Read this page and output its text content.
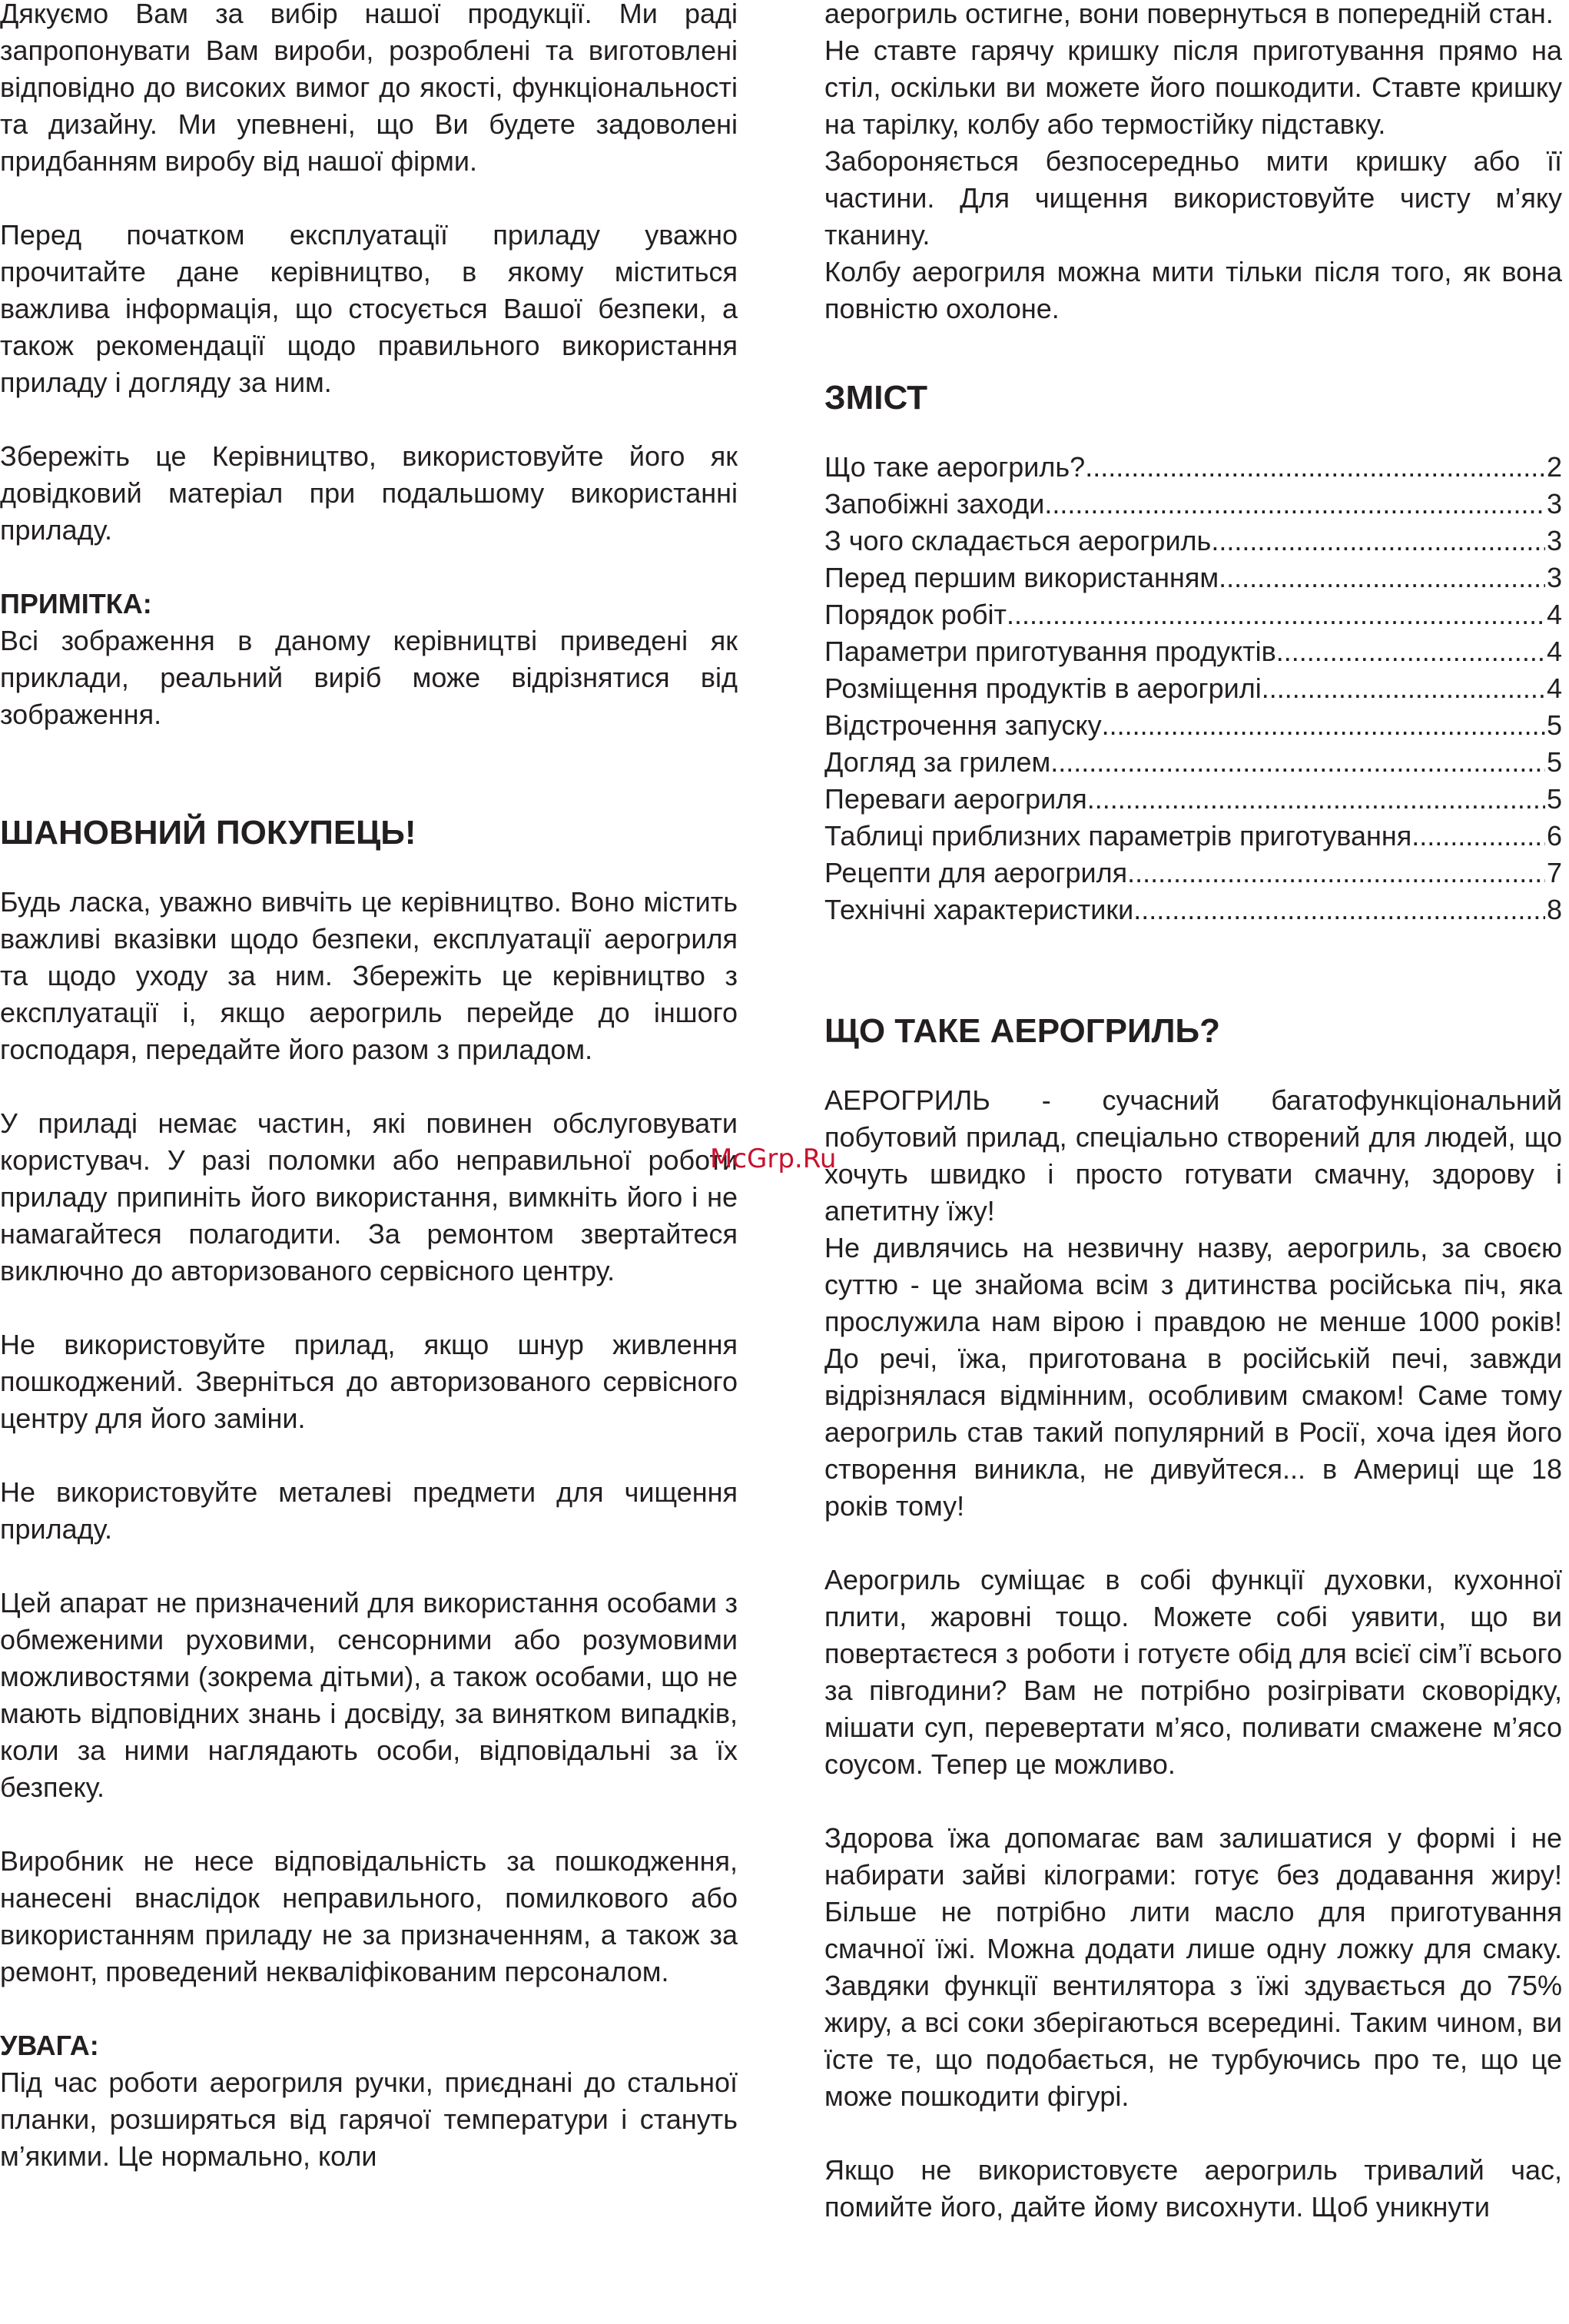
Дякуємо Вам за вибір нашої продукції. Ми раді запропонувати Вам вироби, розроблені та виготовлені відповідно до високих вимог до якості, функціональності та дизайну. Ми упевнені, що Ви будете задоволені придбанням виробу від нашої фірми.

Перед початком експлуатації приладу уважно прочитайте дане керівництво, в якому міститься важлива інформація, що стосується Вашої безпеки, а також рекомендації щодо правильного використання приладу і догляду за ним.

Збережіть це Керівництво, використовуйте його як довідковий матеріал при подальшому використанні приладу.

ПРИМІТКА:

Всі зображення в даному керівництві приведені як приклади, реальний виріб може відрізнятися від зображення.

ШАНОВНИЙ ПОКУПЕЦЬ!

Будь ласка, уважно вивчіть це керівництво. Воно містить важливі вказівки щодо безпеки, експлуатації аерогриля та щодо уходу за ним. Збережіть це керівництво з експлуатації і, якщо аерогриль перейде до іншого господаря, передайте його разом з приладом.

У приладі немає частин, які повинен обслуговувати користувач. У разі поломки або неправильної роботи приладу припиніть його використання, вимкніть його і не намагайтеся полагодити. За ремонтом звертайтеся виключно до авторизованого сервісного центру.

Не використовуйте прилад, якщо шнур живлення пошкоджений. Зверніться до авторизованого сервісного центру для його заміни.

Не використовуйте металеві предмети для чищення приладу.

Цей апарат не призначений для використання особами з обмеженими руховими, сенсорними або розумовими можливостями (зокрема дітьми), а також особами, що не мають відповідних знань і досвіду, за винятком випадків, коли за ними наглядають особи, відповідальні за їх безпеку.

Виробник не несе відповідальність за пошкодження, нанесені внаслідок неправильного, помилкового або використанням приладу не за призначенням, а також за ремонт, проведений некваліфікованим персоналом.

УВАГА:

Під час роботи аерогриля ручки, приєднані до стальної планки, розширяться від гарячої температури і стануть м’якими. Це нормально, коли

аерогриль остигне, вони повернуться в попередній стан.

Не ставте гарячу кришку після приготування прямо на стіл, оскільки ви можете його пошкодити. Ставте кришку на тарілку, колбу або термостійку підставку.

Забороняється безпосередньо мити кришку або її частини. Для чищення використовуйте чисту м’яку тканину.

Колбу аерогриля можна мити тільки після того, як вона повністю охолоне.

ЗМІСТ
Що таке аерогриль? .....	2
Запобіжні заходи .....	3
З чого складається аерогриль .....	3
Перед першим використанням .....	3
Порядок робіт .....	4
Параметри приготування продуктів .....	4
Розміщення продуктів в аерогрилі .....	4
Відстрочення запуску .....	5
Догляд за грилем .....	5
Переваги аерогриля .....	5
Таблиці приблизних параметрів приготування .....	6
Рецепти для аерогриля .....	7
Технічні характеристики .....	8
ЩО ТАКЕ АЕРОГРИЛЬ?

АЕРОГРИЛЬ - сучасний багатофункціональний побутовий прилад, спеціально створений для людей, що хочуть швидко і просто готувати смачну, здорову і апетитну їжу!

Не дивлячись на незвичну назву, аерогриль, за своєю суттю - це знайома всім з дитинства російська піч, яка прослужила нам вірою і правдою не менше 1000 років! До речі, їжа, приготована в російській печі, завжди відрізнялася відмінним, особливим смаком! Саме тому аерогриль став такий популярний в Росії, хоча ідея його створення виникла, не дивуйтеся... в Америці ще 18 років тому!

Аерогриль суміщає в собі функції духовки, кухонної плити, жаровні тощо. Можете собі уявити, що ви повертаєтеся з роботи і готуєте обід для всієї сім’ї всього за півгодини? Вам не потрібно розігрівати сковорідку, мішати суп, перевертати м’ясо, поливати смажене м’ясо соусом. Тепер це можливо.

Здорова їжа допомагає вам залишатися у формі і не набирати зайві кілограми: готує без додавання жиру! Більше не потрібно лити масло для приготування смачної їжі. Можна додати лише одну ложку для смаку. Завдяки функції вентилятора з їжі здувається до 75% жиру, а всі соки зберігаються всередині. Таким чином, ви їсте те, що подобається, не турбуючись про те, що це може пошкодити фігурі.

Якщо не використовуєте аерогриль тривалий час, помийте його, дайте йому висохнути. Щоб уникнути

McGrp.Ru
